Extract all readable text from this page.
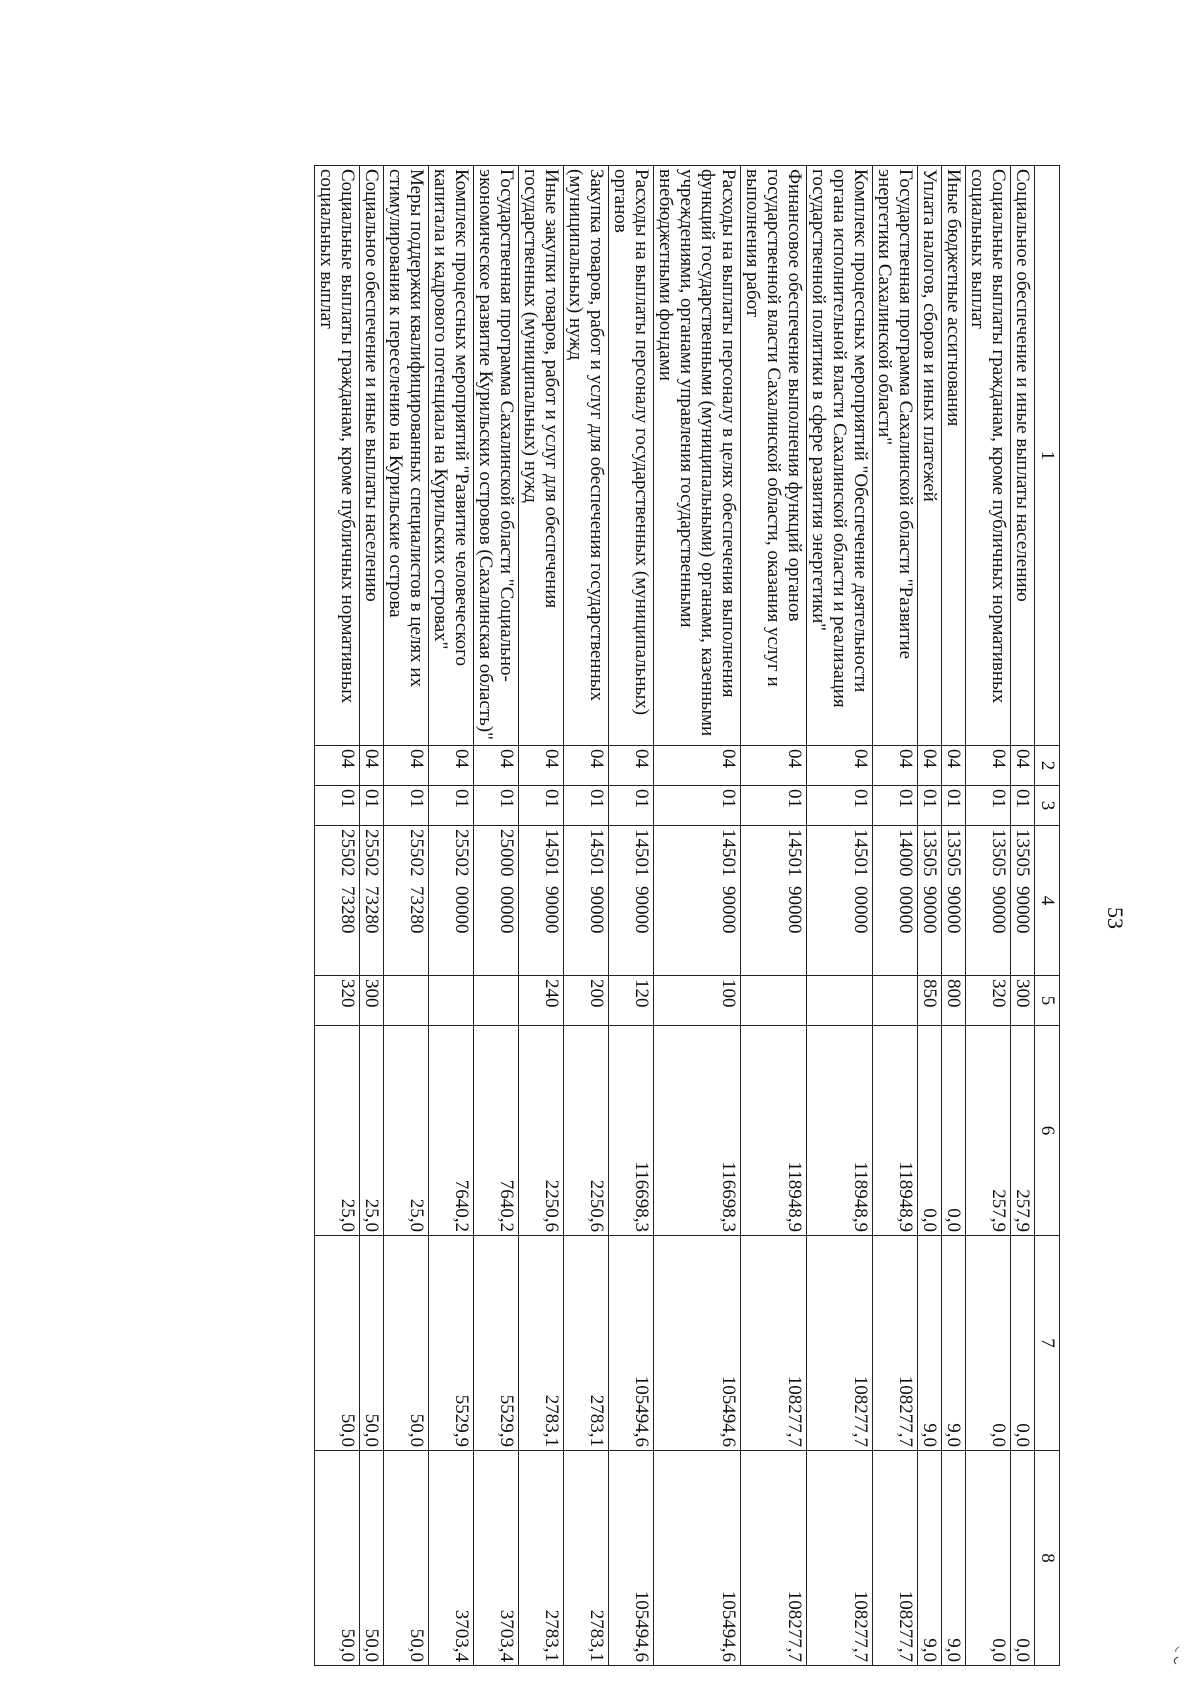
53
1	2	3	4	5	6	7	8
Социальное обеспечение и иные выплаты населению	04	01	13505  90000	300	257,9	0,0	0,0
Социальные выплаты гражданам, кроме публичных нормативных социальных выплат	04	01	13505  90000	320	257,9	0,0	0,0
Иные бюджетные ассигнования	04	01	13505  90000	800	0,0	9,0	9,0
Уплата налогов, сборов и иных платежей	04	01	13505  90000	850	0,0	9,0	9,0
Государственная программа Сахалинской области "Развитие энергетики Сахалинской области"	04	01	14000  00000		118948,9	108277,7	108277,7
Комплекс процессных мероприятий "Обеспечение деятельности органа исполнительной власти Сахалинской области и реализация государственной политики в сфере развития энергетики"	04	01	14501  00000		118948,9	108277,7	108277,7
Финансовое обеспечение выполнения функций органов государственной власти Сахалинской области, оказания услуг и выполнения работ	04	01	14501  90000		118948,9	108277,7	108277,7
Расходы на выплаты персоналу в целях обеспечения выполнения функций государственными (муниципальными) органами, казенными учреждениями, органами управления государственными внебюджетными фондами	04	01	14501  90000	100	116698,3	105494,6	105494,6
Расходы на выплаты персоналу государственных (муниципальных) органов	04	01	14501  90000	120	116698,3	105494,6	105494,6
Закупка товаров, работ и услуг для обеспечения государственных (муниципальных) нужд	04	01	14501  90000	200	2250,6	2783,1	2783,1
Иные закупки товаров, работ и услуг для обеспечения государственных (муниципальных) нужд	04	01	14501  90000	240	2250,6	2783,1	2783,1
Государственная программа Сахалинской области "Социально-экономическое развитие Курильских островов (Сахалинская область)"	04	01	25000  00000		7640,2	5529,9	3703,4
Комплекс процессных мероприятий "Развитие человеческого капитала и кадрового потенциала на Курильских островах"	04	01	25502  00000		7640,2	5529,9	3703,4
Меры поддержки квалифицированных специалистов в целях их стимулирования к переселению на Курильские острова	04	01	25502  73280		25,0	50,0	50,0
Социальное обеспечение и иные выплаты населению	04	01	25502  73280	300	25,0	50,0	50,0
Социальные выплаты гражданам, кроме публичных нормативных социальных выплат	04	01	25502  73280	320	25,0	50,0	50,0
